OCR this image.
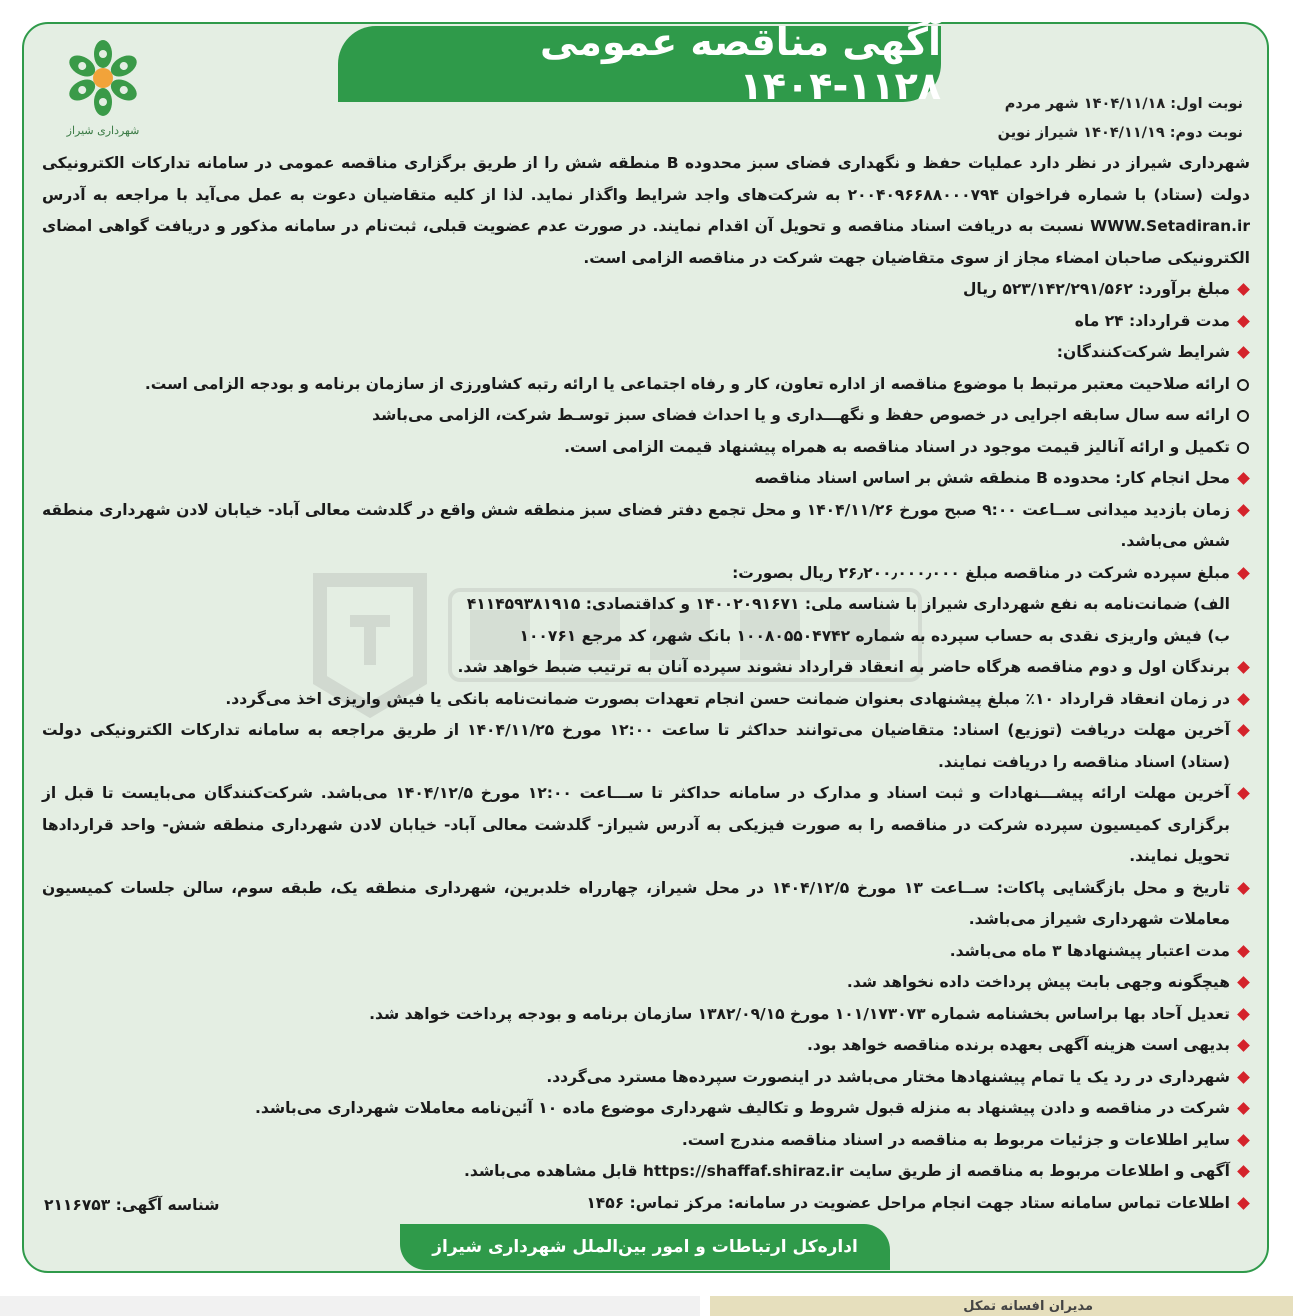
شهرداری شیراز
آگهی مناقصه عمومی ۱۱۲۸-۱۴۰۴	نوبت اول: ۱۴۰۴/۱۱/۱۸ شهر مردم
نوبت دوم: ۱۴۰۴/۱۱/۱۹ شیراز نوین

شهرداری شیراز در نظر دارد عملیات حفظ و نگهداری فضای سبز محدوده B منطقه شش را از طریق برگزاری مناقصه عمومی در سامانه تدارکات الکترونیکی دولت (ستاد) با شماره فراخوان ۲۰۰۴۰۹۶۶۸۸۰۰۰۷۹۴ به شرکت‌های واجد شرایط واگذار نماید. لذا از کلیه متقاضیان دعوت به عمل می‌آید با مراجعه به آدرس WWW.Setadiran.ir نسبت به دریافت اسناد مناقصه و تحویل آن اقدام نمایند. در صورت عدم عضویت قبلی، ثبت‌نام در سامانه مذکور و دریافت گواهی امضای الکترونیکی صاحبان امضاء مجاز از سوی متقاضیان جهت شرکت در مناقصه الزامی است.

مبلغ برآورد: ۵۲۳/۱۴۲/۲۹۱/۵۶۲ ریال
مدت قرارداد: ۲۴ ماه
شرایط شرکت‌کنندگان:
ارائه صلاحیت معتبر مرتبط با موضوع مناقصه از اداره تعاون، کار و رفاه اجتماعی یا ارائه رتبه کشاورزی از سازمان برنامه و بودجه الزامی است.
ارائه سه سال سابقه اجرایی در خصوص حفظ و نگهـــداری و یا احداث فضای سبز توسـط شرکت، الزامی می‌باشد
تکمیل و ارائه آنالیز قیمت موجود در اسناد مناقصه به همراه پیشنهاد قیمت الزامی است.
محل انجام کار: محدوده B منطقه شش بر اساس اسناد مناقصه
زمان بازدید میدانی ســاعت ۹:۰۰ صبح مورخ ۱۴۰۴/۱۱/۲۶ و محل تجمع دفتر فضای سبز منطقه شش واقع در گلدشت معالی آباد- خیابان لادن شهرداری منطقه شش می‌باشد.
مبلغ سپرده شرکت در مناقصه مبلغ ۲۶٫۲۰۰٫۰۰۰٫۰۰۰ ریال بصورت:
الف) ضمانت‌نامه به نفع شهرداری شیراز با شناسه ملی: ۱۴۰۰۲۰۹۱۶۷۱ و کداقتصادی: ۴۱۱۴۵۹۳۸۱۹۱۵
ب) فیش واریزی نقدی به حساب سپرده به شماره ۱۰۰۸۰۵۵۰۴۷۴۲ بانک شهر، کد مرجع ۱۰۰۷۶۱
برندگان اول و دوم مناقصه هرگاه حاضر به انعقاد قرارداد نشوند سپرده آنان به ترتیب ضبط خواهد شد.
در زمان انعقاد قرارداد ۱۰٪ مبلغ پیشنهادی بعنوان ضمانت حسن انجام تعهدات بصورت ضمانت‌نامه بانکی یا فیش واریزی اخذ می‌گردد.
آخرین مهلت دریافت (توزیع) اسناد: متقاضیان می‌توانند حداکثر تا ساعت ۱۲:۰۰ مورخ ۱۴۰۴/۱۱/۲۵ از طریق مراجعه به سامانه تدارکات الکترونیکی دولت (ستاد) اسناد مناقصه را دریافت نمایند.
آخرین مهلت ارائه پیشـــنهادات و ثبت اسناد و مدارک در سامانه حداکثر تا ســـاعت ۱۲:۰۰ مورخ ۱۴۰۴/۱۲/۵ می‌باشد. شرکت‌کنندگان می‌بایست تا قبل از برگزاری کمیسیون سپرده شرکت در مناقصه را به صورت فیزیکی به آدرس شیراز- گلدشت معالی آباد- خیابان لادن شهرداری منطقه شش- واحد قراردادها تحویل نمایند.
تاریخ و محل بازگشایی پاکات: ســاعت ۱۳ مورخ ۱۴۰۴/۱۲/۵ در محل شیراز، چهارراه خلدبرین، شهرداری منطقه یک، طبقه سوم، سالن جلسات کمیسیون معاملات شهرداری شیراز می‌باشد.
مدت اعتبار پیشنهادها ۳ ماه می‌باشد.
هیچگونه وجهی بابت پیش پرداخت داده نخواهد شد.
تعدیل آحاد بها براساس بخشنامه شماره ۱۰۱/۱۷۳۰۷۳ مورخ ۱۳۸۲/۰۹/۱۵ سازمان برنامه و بودجه پرداخت خواهد شد.
بدیهی است هزینه آگهی بعهده برنده مناقصه خواهد بود.
شهرداری در رد یک یا تمام پیشنهادها مختار می‌باشد در اینصورت سپرده‌ها مسترد می‌گردد.
شرکت در مناقصه و دادن پیشنهاد به منزله قبول شروط و تکالیف شهرداری موضوع ماده ۱۰ آئین‌نامه معاملات شهرداری می‌باشد.
سایر اطلاعات و جزئیات مربوط به مناقصه در اسناد مناقصه مندرج است.
آگهی و اطلاعات مربوط به مناقصه از طریق سایت https://shaffaf.shiraz.ir قابل مشاهده می‌باشد.
اطلاعات تماس سامانه ستاد جهت انجام مراحل عضویت در سامانه: مرکز تماس: ۱۴۵۶
شناسه آگهی: ۲۱۱۶۷۵۳
اداره‌کل ارتباطات و امور بین‌الملل شهرداری شیراز
مدیران افسانه تمکل
